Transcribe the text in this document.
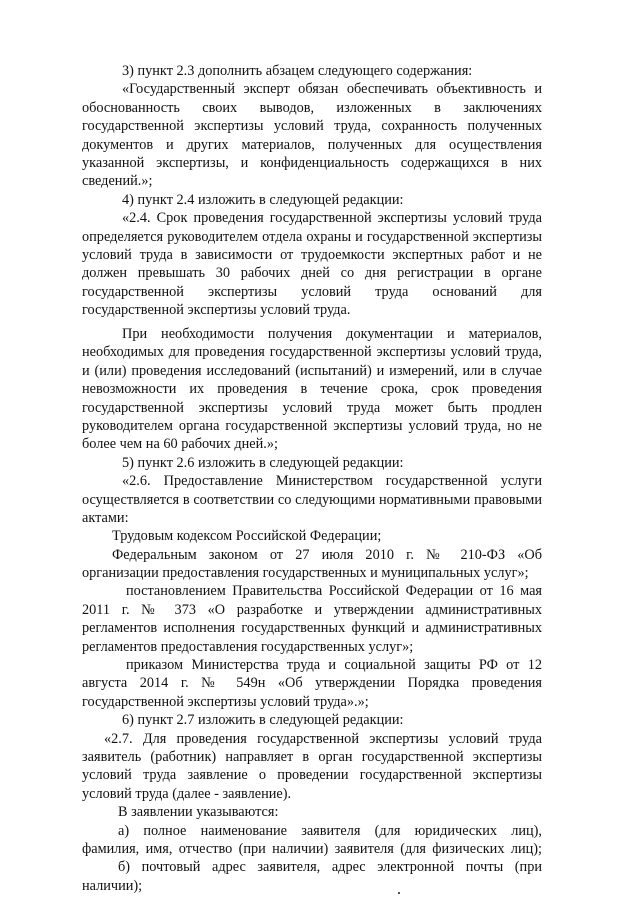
3) пункт 2.3 дополнить абзацем следующего содержания:
«Государственный эксперт обязан обеспечивать объективность и
обоснованность своих выводов, изложенных в заключениях
государственной экспертизы условий труда, сохранность полученных
документов и других материалов, полученных для осуществления
указанной экспертизы, и конфиденциальность содержащихся в них
сведений.»;
4) пункт 2.4 изложить в следующей редакции:
«2.4. Срок проведения государственной экспертизы условий труда
определяется руководителем отдела охраны и государственной экспертизы
условий труда в зависимости от трудоемкости экспертных работ и не
должен превышать 30 рабочих дней со дня регистрации в органе
государственной экспертизы условий труда оснований для
государственной экспертизы условий труда.
При необходимости получения документации и материалов,
необходимых для проведения государственной экспертизы условий труда,
и (или) проведения исследований (испытаний) и измерений, или в случае
невозможности их проведения в течение срока, срок проведения
государственной экспертизы условий труда может быть продлен
руководителем органа государственной экспертизы условий труда, но не
более чем на 60 рабочих дней.»;
5) пункт 2.6 изложить в следующей редакции:
«2.6. Предоставление Министерством государственной услуги
осуществляется в соответствии со следующими нормативными правовыми
актами:
Трудовым кодексом Российской Федерации;
Федеральным законом от 27 июля 2010 г. № 210-ФЗ «Об
организации предоставления государственных и муниципальных услуг»;
постановлением Правительства Российской Федерации от 16 мая
2011 г. № 373 «О разработке и утверждении административных
регламентов исполнения государственных функций и административных
регламентов предоставления государственных услуг»;
приказом Министерства труда и социальной защиты РФ от 12
августа 2014 г. № 549н «Об утверждении Порядка проведения
государственной экспертизы условий труда».»;
6) пункт 2.7 изложить в следующей редакции:
«2.7. Для проведения государственной экспертизы условий труда
заявитель (работник) направляет в орган государственной экспертизы
условий труда заявление о проведении государственной экспертизы
условий труда (далее - заявление).
В заявлении указываются:
а) полное наименование заявителя (для юридических лиц),
фамилия, имя, отчество (при наличии) заявителя (для физических лиц);
б) почтовый адрес заявителя, адрес электронной почты (при
наличии);
